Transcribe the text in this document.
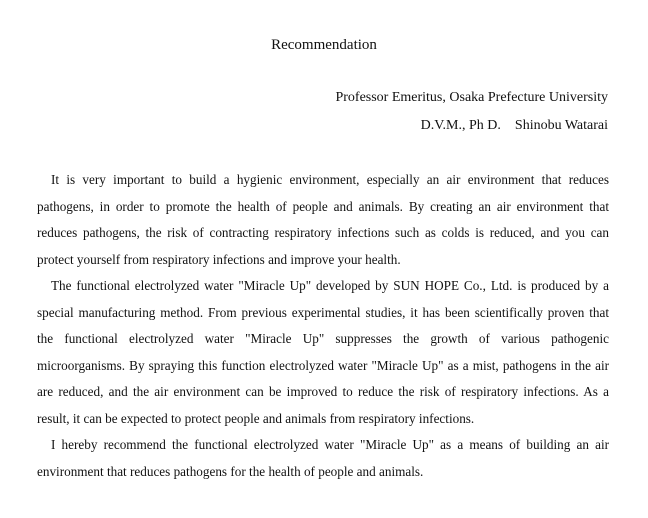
Recommendation
Professor Emeritus, Osaka Prefecture University
D.V.M., Ph D.    Shinobu Watarai

It is very important to build a hygienic environment, especially an air environment that reduces pathogens, in order to promote the health of people and animals. By creating an air environment that reduces pathogens, the risk of contracting respiratory infections such as colds is reduced, and you can protect yourself from respiratory infections and improve your health.

The functional electrolyzed water "Miracle Up" developed by SUN HOPE Co., Ltd. is produced by a special manufacturing method. From previous experimental studies, it has been scientifically proven that the functional electrolyzed water "Miracle Up" suppresses the growth of various pathogenic microorganisms. By spraying this function electrolyzed water "Miracle Up" as a mist, pathogens in the air are reduced, and the air environment can be improved to reduce the risk of respiratory infections. As a result, it can be expected to protect people and animals from respiratory infections.

I hereby recommend the functional electrolyzed water "Miracle Up" as a means of building an air environment that reduces pathogens for the health of people and animals.
